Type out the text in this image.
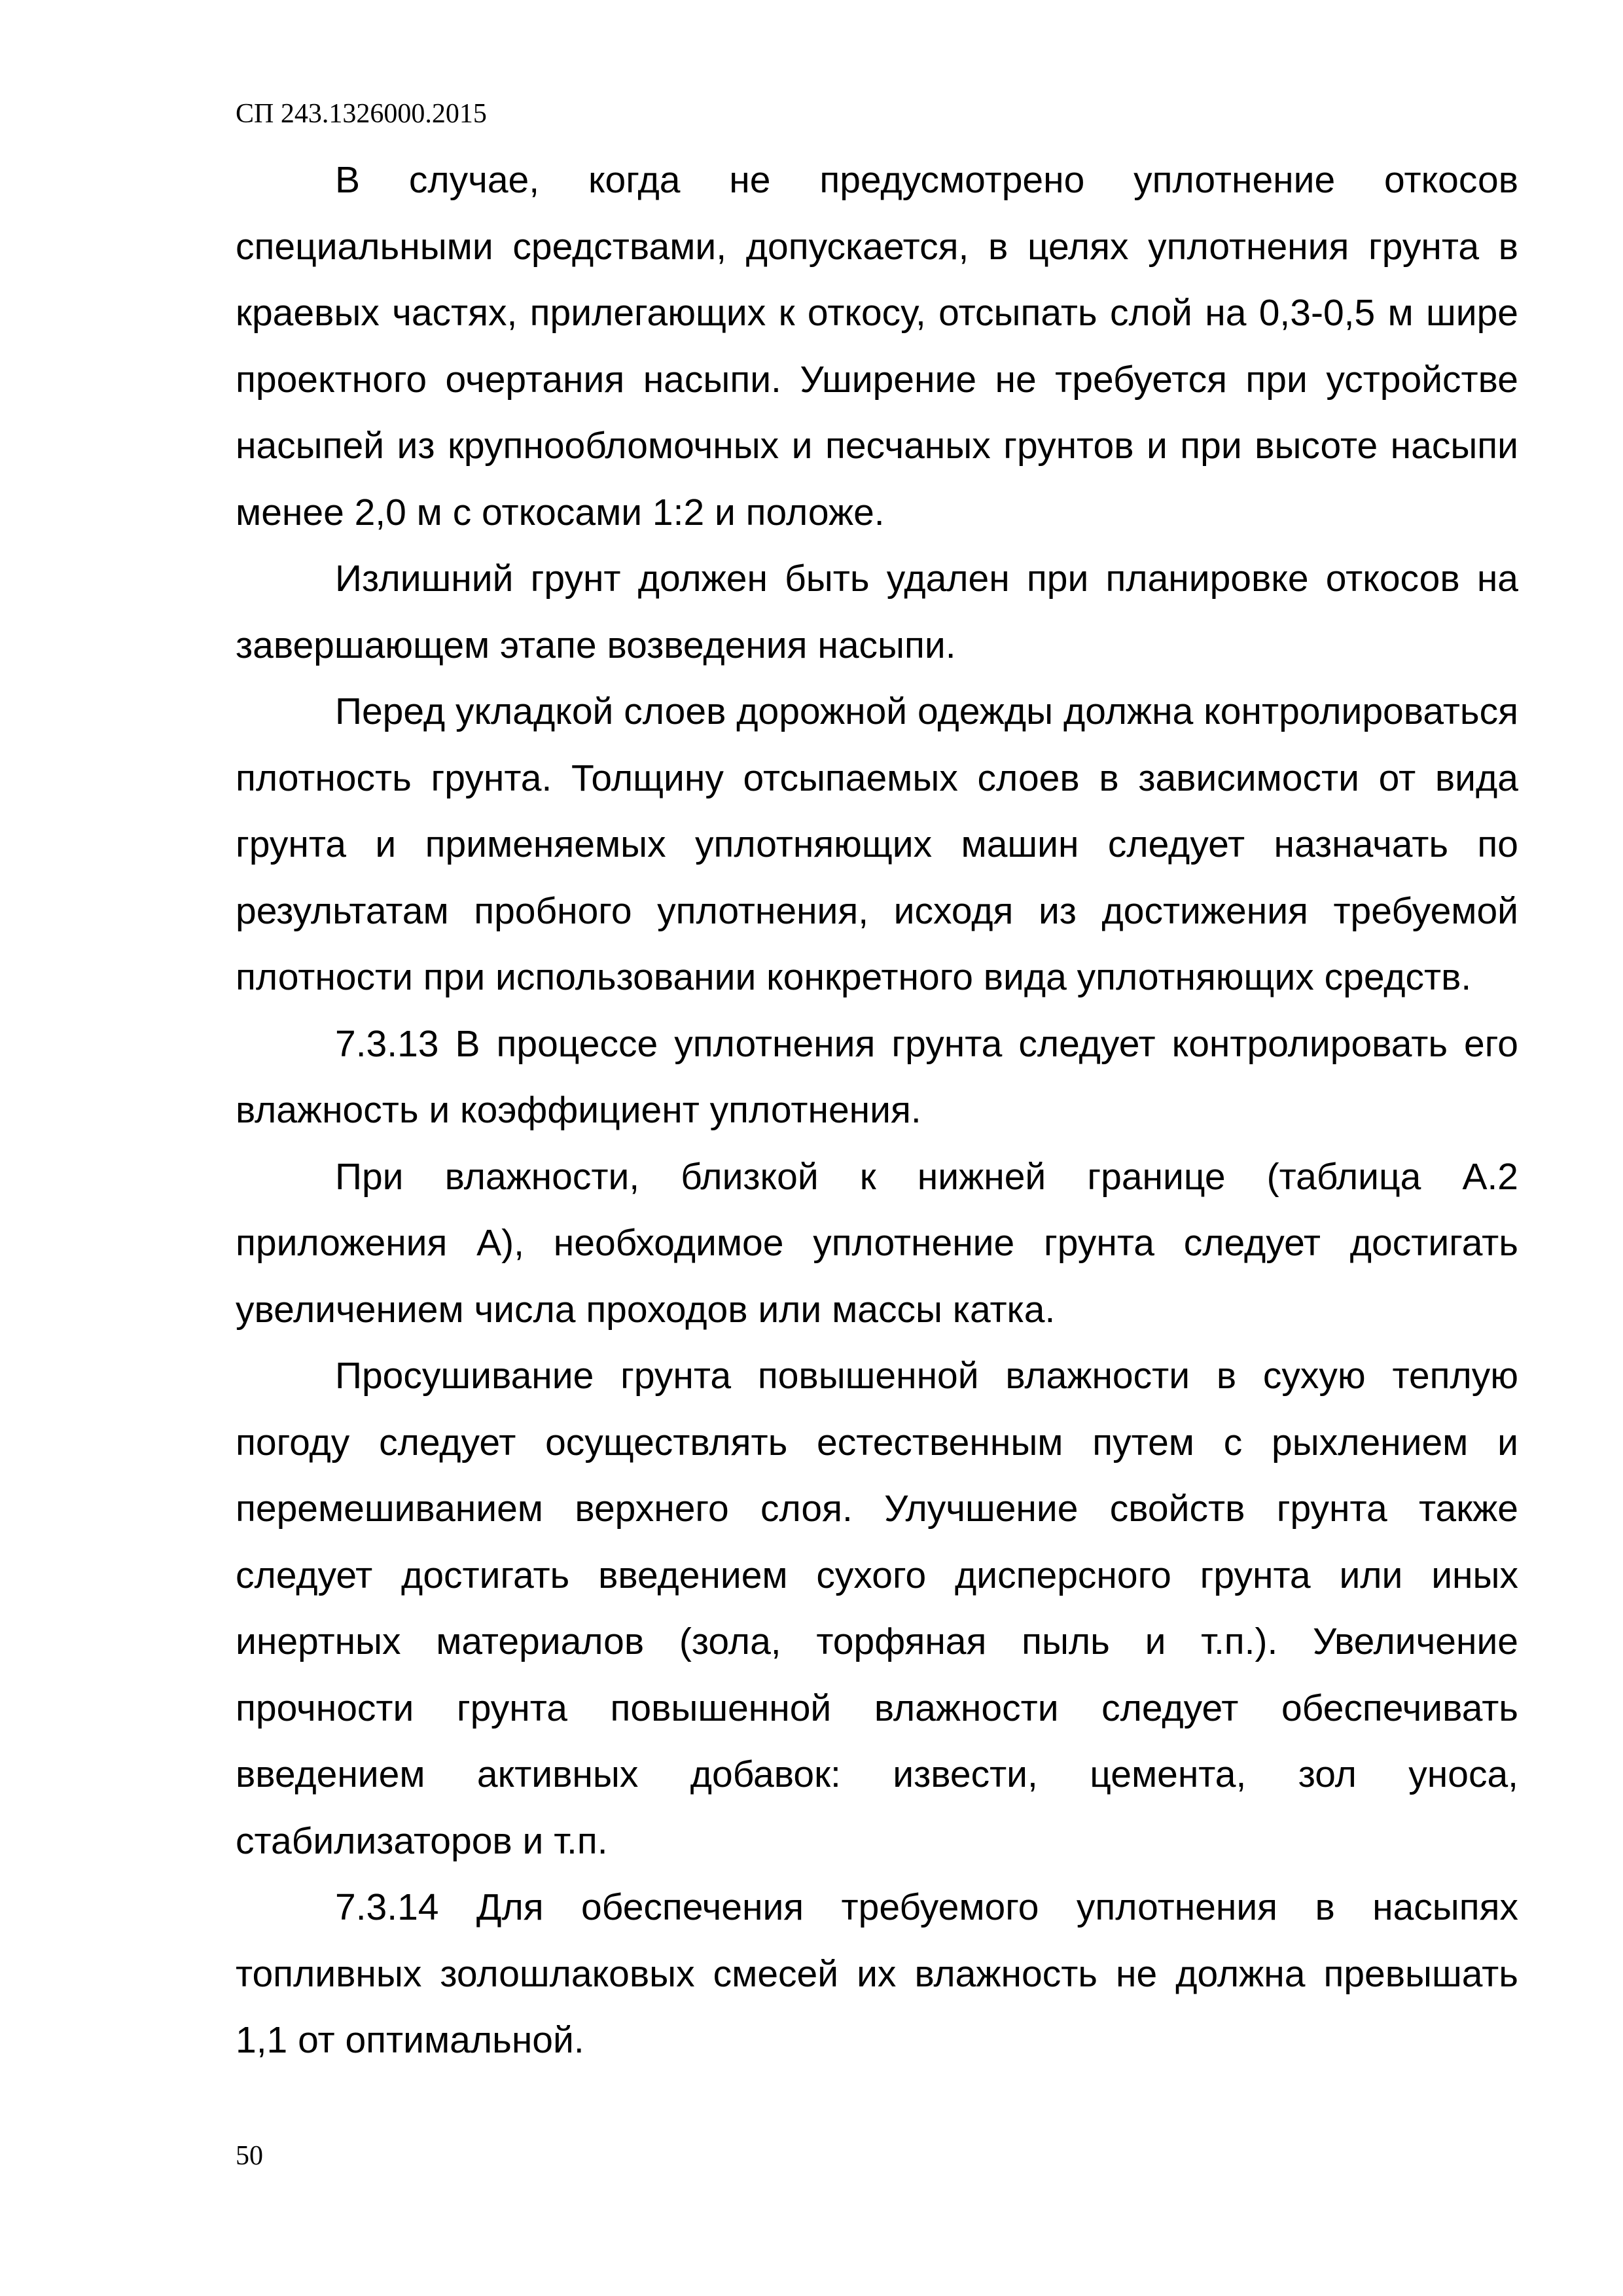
СП 243.1326000.2015

В случае, когда не предусмотрено уплотнение откосов специальными средствами, допускается, в целях уплотнения грунта в краевых частях, прилегающих к откосу, отсыпать слой на 0,3-0,5 м шире проектного очертания насыпи. Уширение не требуется при устройстве насыпей из крупнообломочных и песчаных грунтов и при высоте насыпи менее 2,0 м с откосами 1:2 и положе.

Излишний грунт должен быть удален при планировке откосов на завершающем этапе возведения насыпи.

Перед укладкой слоев дорожной одежды должна контролироваться плотность грунта. Толщину отсыпаемых слоев в зависимости от вида грунта и применяемых уплотняющих машин следует назначать по результатам пробного уплотнения, исходя из достижения требуемой плотности при использовании конкретного вида уплотняющих средств.

7.3.13 В процессе уплотнения грунта следует контролировать его влажность и коэффициент уплотнения.

При влажности, близкой к нижней границе (таблица А.2 приложения А), необходимое уплотнение грунта следует достигать увеличением числа проходов или массы катка.

Просушивание грунта повышенной влажности в сухую теплую погоду следует осуществлять естественным путем с рыхлением и перемешиванием верхнего слоя. Улучшение свойств грунта также следует достигать введением сухого дисперсного грунта или иных инертных материалов (зола, торфяная пыль и т.п.). Увеличение прочности грунта повышенной влажности следует обеспечивать введением активных добавок: извести, цемента, зол уноса, стабилизаторов и т.п.

7.3.14 Для обеспечения требуемого уплотнения в насыпях топливных золошлаковых смесей их влажность не должна превышать 1,1 от оптимальной.

50
